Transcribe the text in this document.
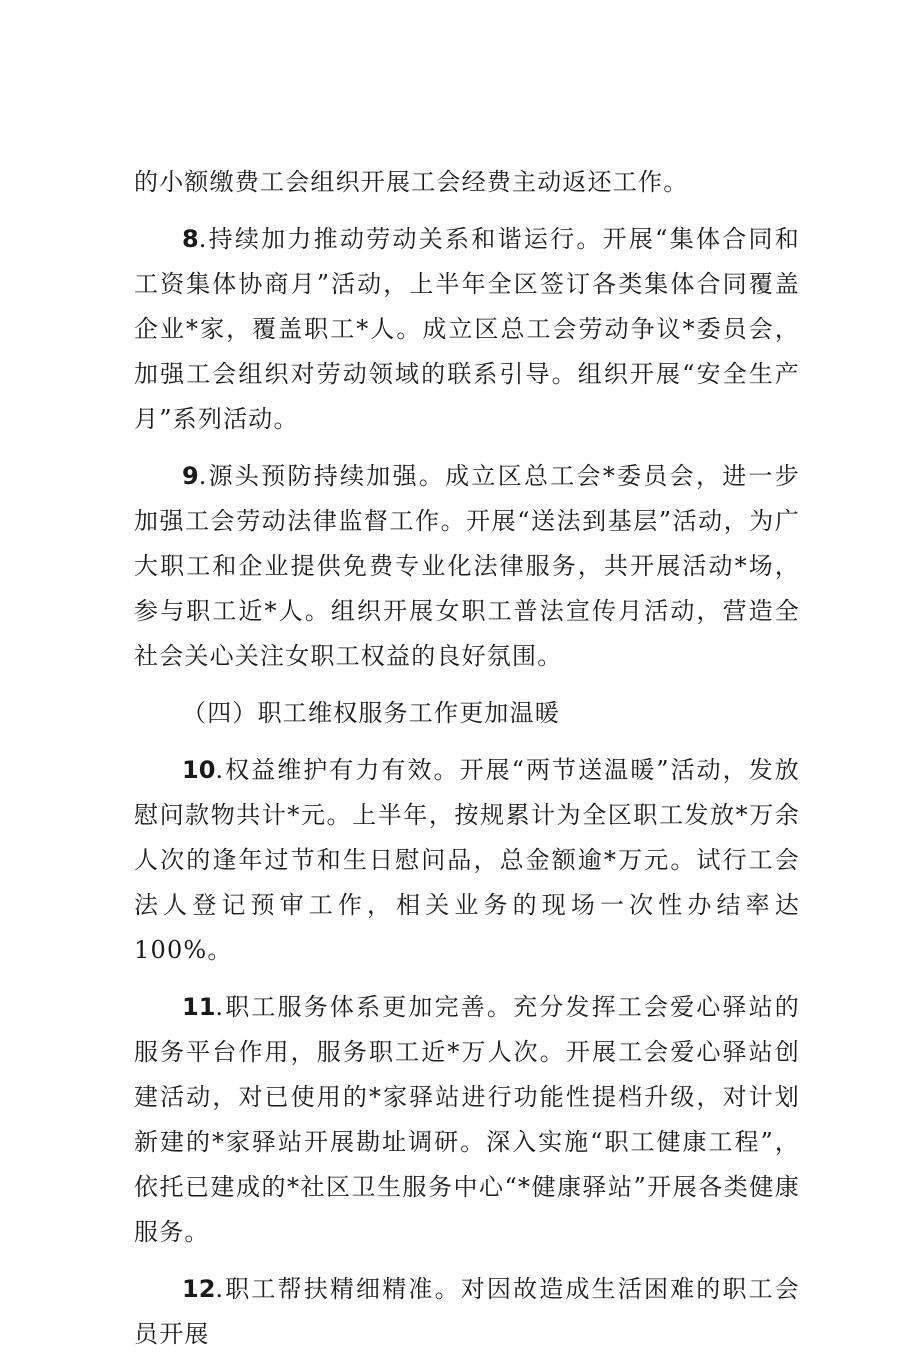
的小额缴费工会组织开展工会经费主动返还工作。

8.持续加力推动劳动关系和谐运行。开展“集体合同和工资集体协商月”活动，上半年全区签订各类集体合同覆盖企业*家，覆盖职工*人。成立区总工会劳动争议*委员会，加强工会组织对劳动领域的联系引导。组织开展“安全生产月”系列活动。

9.源头预防持续加强。成立区总工会*委员会，进一步加强工会劳动法律监督工作。开展“送法到基层”活动，为广大职工和企业提供免费专业化法律服务，共开展活动*场，参与职工近*人。组织开展女职工普法宣传月活动，营造全社会关心关注女职工权益的良好氛围。

（四）职工维权服务工作更加温暖

10.权益维护有力有效。开展“两节送温暖”活动，发放慰问款物共计*元。上半年，按规累计为全区职工发放*万余人次的逢年过节和生日慰问品，总金额逾*万元。试行工会法人登记预审工作，相关业务的现场一次性办结率达100%。

11.职工服务体系更加完善。充分发挥工会爱心驿站的服务平台作用，服务职工近*万人次。开展工会爱心驿站创建活动，对已使用的*家驿站进行功能性提档升级，对计划新建的*家驿站开展勘址调研。深入实施“职工健康工程”，依托已建成的*社区卫生服务中心“*健康驿站”开展各类健康服务。

12.职工帮扶精细精准。对因故造成生活困难的职工会员开展
